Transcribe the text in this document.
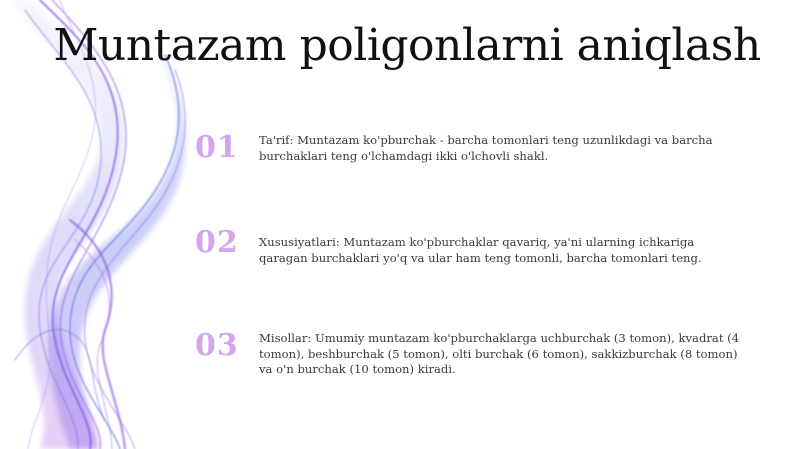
Muntazam poligonlarni aniqlash
01	Ta'rif: Muntazam ko'pburchak - barcha tomonlari teng uzunlikdagi va barcha burchaklari teng o'lchamdagi ikki o'lchovli shakl.
02	Xususiyatlari: Muntazam ko'pburchaklar qavariq, ya'ni ularning ichkariga qaragan burchaklari yo'q va ular ham teng tomonli, barcha tomonlari teng.
03	Misollar: Umumiy muntazam ko'pburchaklarga uchburchak (3 tomon), kvadrat (4 tomon), beshburchak (5 tomon), olti burchak (6 tomon), sakkizburchak (8 tomon) va o'n burchak (10 tomon) kiradi.
